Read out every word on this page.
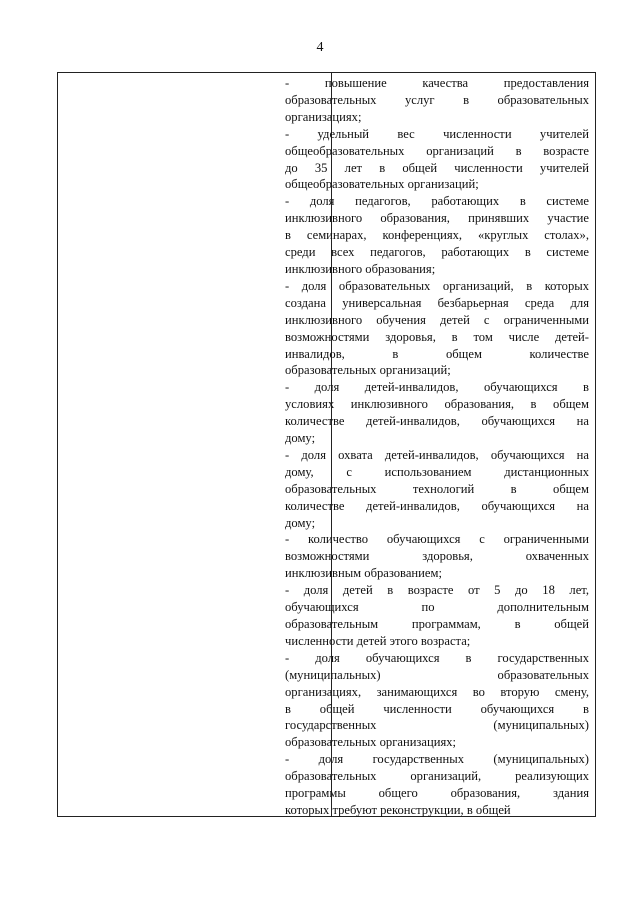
4
- повышение качества предоставления
образовательных услуг в образовательных
организациях;
- удельный вес численности учителей
общеобразовательных организаций в возрасте
до 35 лет в общей численности учителей
общеобразовательных организаций;
- доля педагогов, работающих в системе
инклюзивного образования, принявших участие
в семинарах, конференциях, «круглых столах»,
среди всех педагогов, работающих в системе
инклюзивного образования;
- доля образовательных организаций, в которых
создана универсальная безбарьерная среда для
инклюзивного обучения детей с ограниченными
возможностями здоровья, в том числе детей-
инвалидов, в общем количестве
образовательных организаций;
- доля детей-инвалидов, обучающихся в
условиях инклюзивного образования, в общем
количестве детей-инвалидов, обучающихся на
дому;
- доля охвата детей-инвалидов, обучающихся на
дому, с использованием дистанционных
образовательных технологий в общем
количестве детей-инвалидов, обучающихся на
дому;
- количество обучающихся с ограниченными
возможностями здоровья, охваченных
инклюзивным образованием;
- доля детей в возрасте от 5 до 18 лет,
обучающихся по дополнительным
образовательным программам, в общей
численности детей этого возраста;
- доля обучающихся в государственных
(муниципальных) образовательных
организациях, занимающихся во вторую смену,
в общей численности обучающихся в
государственных (муниципальных)
образовательных организациях;
- доля государственных (муниципальных)
образовательных организаций, реализующих
программы общего образования, здания
которых требуют реконструкции, в общей
